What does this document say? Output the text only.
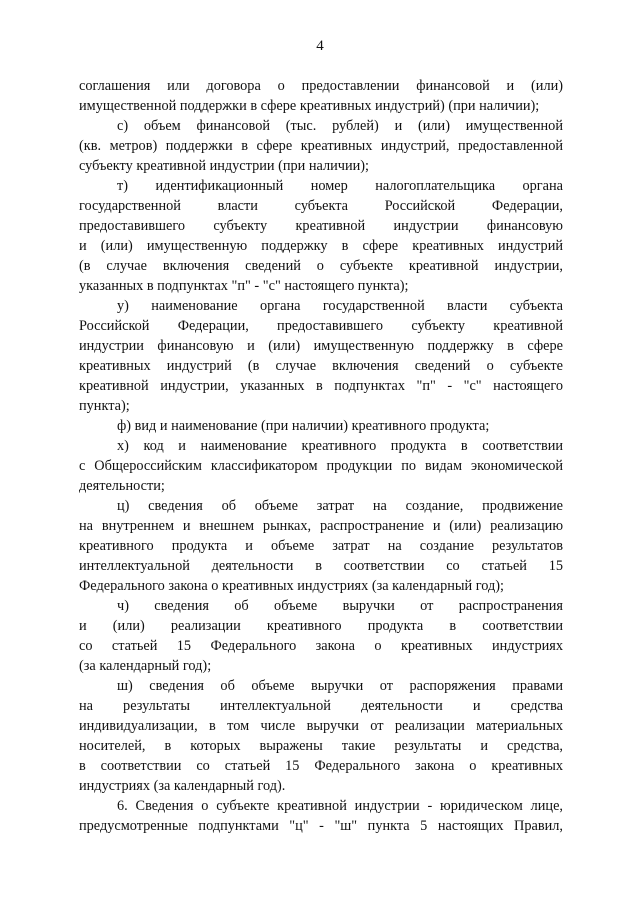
4
соглашения или договора о предоставлении финансовой и (или)
имущественной поддержки в сфере креативных индустрий) (при наличии);
с) объем финансовой (тыс. рублей) и (или) имущественной
(кв. метров) поддержки в сфере креативных индустрий, предоставленной
субъекту креативной индустрии (при наличии);
т) идентификационный номер налогоплательщика органа
государственной власти субъекта Российской Федерации,
предоставившего субъекту креативной индустрии финансовую
и (или) имущественную поддержку в сфере креативных индустрий
(в случае включения сведений о субъекте креативной индустрии,
указанных в подпунктах "п" - "с" настоящего пункта);
у) наименование органа государственной власти субъекта
Российской Федерации, предоставившего субъекту креативной
индустрии финансовую и (или) имущественную поддержку в сфере
креативных индустрий (в случае включения сведений о субъекте
креативной индустрии, указанных в подпунктах "п" - "с" настоящего
пункта);
ф) вид и наименование (при наличии) креативного продукта;
х) код и наименование креативного продукта в соответствии
с Общероссийским классификатором продукции по видам экономической
деятельности;
ц) сведения об объеме затрат на создание, продвижение
на внутреннем и внешнем рынках, распространение и (или) реализацию
креативного продукта и объеме затрат на создание результатов
интеллектуальной деятельности в соответствии со статьей 15
Федерального закона о креативных индустриях (за календарный год);
ч) сведения об объеме выручки от распространения
и (или) реализации креативного продукта в соответствии
со статьей 15 Федерального закона о креативных индустриях
(за календарный год);
ш) сведения об объеме выручки от распоряжения правами
на результаты интеллектуальной деятельности и средства
индивидуализации, в том числе выручки от реализации материальных
носителей, в которых выражены такие результаты и средства,
в соответствии со статьей 15 Федерального закона о креативных
индустриях (за календарный год).
6. Сведения о субъекте креативной индустрии - юридическом лице,
предусмотренные подпунктами "ц" - "ш" пункта 5 настоящих Правил,
